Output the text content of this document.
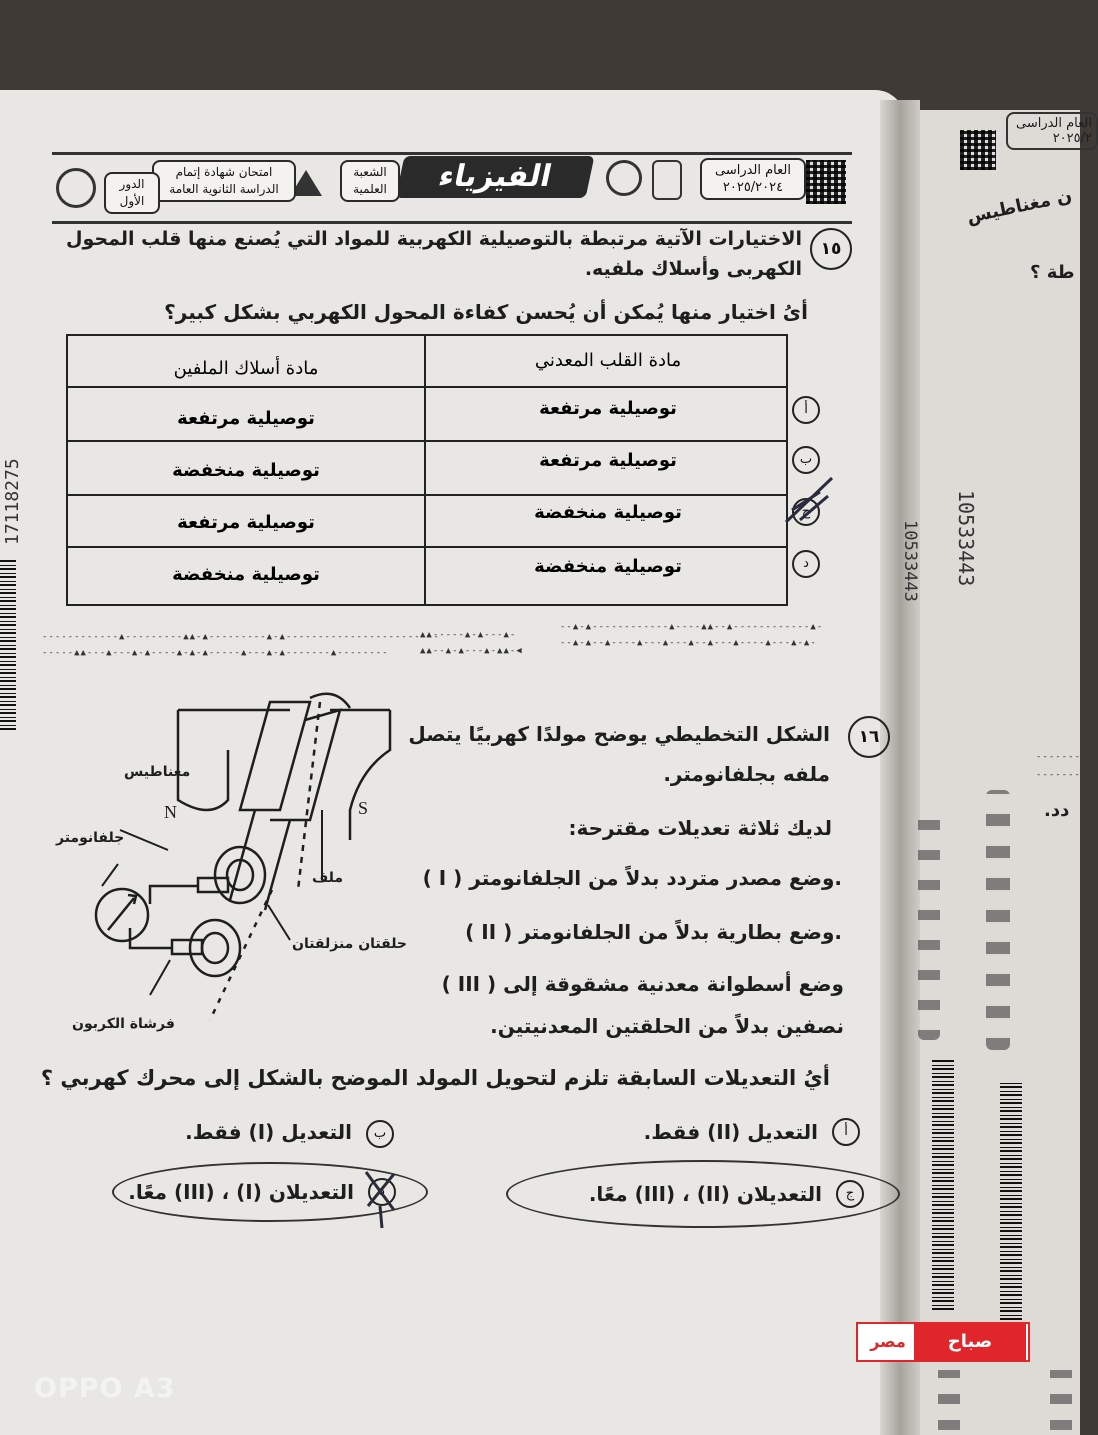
17118275
العام الدراسى
٢٠٢٥/٢٠٢٤
الفيزياء
الشعبة
العلمية
امتحان شهادة إتمام
الدراسة الثانوية العامة
الدور
الأول
١٥
الاختيارات الآتية مرتبطة بالتوصيلية الكهربية للمواد التي يُصنع منها قلب المحول
الكهربى وأسلاك ملفيه.
أىُ اختيار منها يُمكن أن يُحسن كفاءة المحول الكهربي بشكل كبير؟
مادة القلب المعدني
مادة أسلاك الملفين
توصيلية مرتفعة
توصيلية مرتفعة
توصيلية مرتفعة
توصيلية منخفضة
توصيلية منخفضة
توصيلية مرتفعة
توصيلية منخفضة
توصيلية منخفضة
أ
ب
ج
د
------------▲---------▲▲-▲---------▲-▲------------------------
-----▲▲---▲---▲-▲----▲-▲-▲-----▲---▲-▲-------▲--------
▲▲-----▲-▲---▲-
▲▲--▲-▲---▲-▲▲-◀
--▲-▲------------▲----▲▲--▲------------▲-
--▲-▲--▲----▲---▲---▲--▲---▲----▲---▲-▲-
10533443
١٦
الشكل التخطيطي يوضح مولدًا كهربيًا يتصل
ملفه بجلفانومتر.
لديك ثلاثة تعديلات مقترحة:
( I ) وضع مصدر متردد بدلاً من الجلفانومتر.
( II ) وضع بطارية بدلاً من الجلفانومتر.
( III ) وضع أسطوانة معدنية مشقوقة إلى
نصفين بدلاً من الحلقتين المعدنيتين.
أيُ التعديلات السابقة تلزم لتحويل المولد الموضح بالشكل إلى محرك كهربي ؟
N	S
مغناطيس
جلفانومتر
ملف
حلقتان منزلقتان
فرشاة الكربون
أ
التعديل (II) فقط.
ب
التعديل (I) فقط.
ج
التعديلان (II) ، (III) معًا.
د
التعديلان (I) ، (III) معًا.
العام الدراسى
٢٠٢٥/٢
ن مغناطيس
طة ؟
10533443
دد.
-------
-------
صباح
مصر
OPPO A3
